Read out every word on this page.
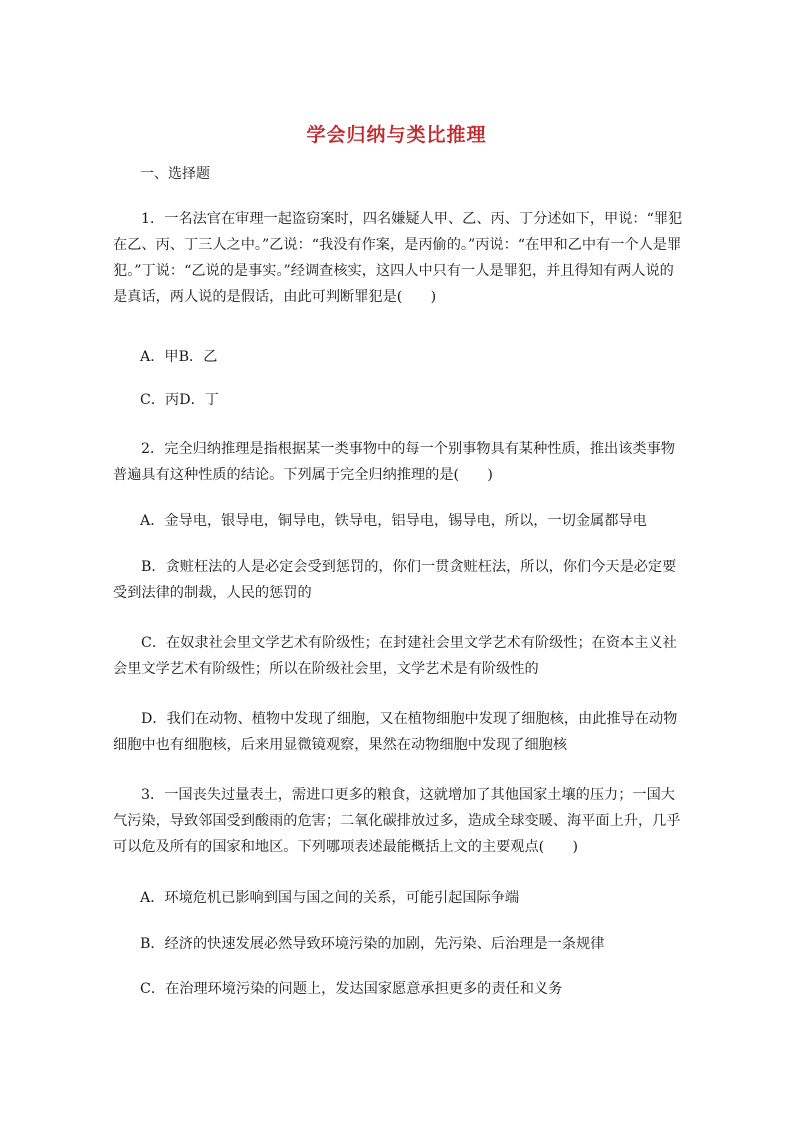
学会归纳与类比推理
一、选择题
1．一名法官在审理一起盗窃案时，四名嫌疑人甲、乙、丙、丁分述如下，甲说：“罪犯在乙、丙、丁三人之中。”乙说：“我没有作案，是丙偷的。”丙说：“在甲和乙中有一个人是罪犯。”丁说：“乙说的是事实。”经调查核实，这四人中只有一人是罪犯，并且得知有两人说的是真话，两人说的是假话，由此可判断罪犯是(　　)
A．甲B．乙
C．丙D．丁
2．完全归纳推理是指根据某一类事物中的每一个别事物具有某种性质，推出该类事物普遍具有这种性质的结论。下列属于完全归纳推理的是(　　)
A．金导电，银导电，铜导电，铁导电，铝导电，锡导电，所以，一切金属都导电
B．贪赃枉法的人是必定会受到惩罚的，你们一贯贪赃枉法，所以，你们今天是必定要受到法律的制裁，人民的惩罚的
C．在奴隶社会里文学艺术有阶级性；在封建社会里文学艺术有阶级性；在资本主义社会里文学艺术有阶级性；所以在阶级社会里，文学艺术是有阶级性的
D．我们在动物、植物中发现了细胞，又在植物细胞中发现了细胞核，由此推导在动物细胞中也有细胞核，后来用显微镜观察，果然在动物细胞中发现了细胞核
3．一国丧失过量表土，需进口更多的粮食，这就增加了其他国家土壤的压力；一国大气污染，导致邻国受到酸雨的危害；二氧化碳排放过多，造成全球变暖、海平面上升，几乎可以危及所有的国家和地区。下列哪项表述最能概括上文的主要观点(　　)
A．环境危机已影响到国与国之间的关系，可能引起国际争端
B．经济的快速发展必然导致环境污染的加剧，先污染、后治理是一条规律
C．在治理环境污染的问题上，发达国家愿意承担更多的责任和义务
